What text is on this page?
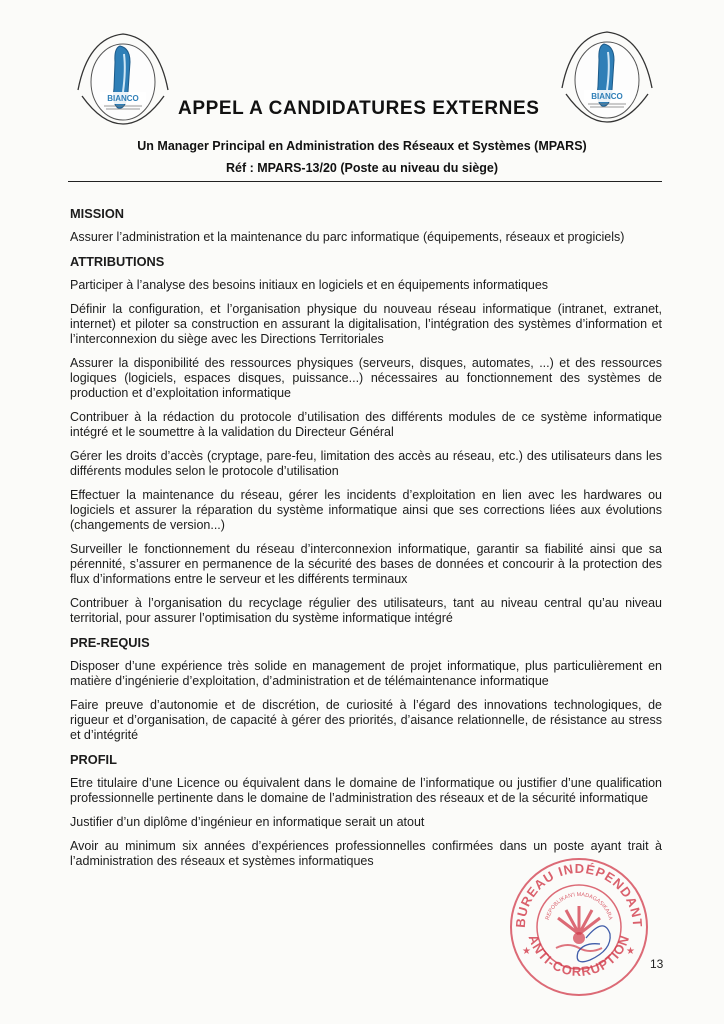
BIANCO	BIANCO
APPEL A CANDIDATURES EXTERNES
Un Manager Principal en Administration des Réseaux et Systèmes (MPARS)
Réf : MPARS-13/20 (Poste au niveau du siège)
MISSION
Assurer l’administration et la maintenance du parc informatique (équipements, réseaux et progiciels)
ATTRIBUTIONS
Participer à l’analyse des besoins initiaux en logiciels et en équipements informatiques
Définir la configuration, et l’organisation physique du nouveau réseau informatique (intranet, extranet, internet) et piloter sa construction en assurant la digitalisation, l’intégration des systèmes d’information et l’interconnexion du siège avec les Directions Territoriales
Assurer la disponibilité des ressources physiques (serveurs, disques, automates, ...) et des ressources logiques (logiciels, espaces disques, puissance...) nécessaires au fonctionnement des systèmes de production et d’exploitation informatique
Contribuer à la rédaction du protocole d’utilisation des différents modules de ce système informatique intégré et le soumettre à la validation du Directeur Général
Gérer les droits d’accès (cryptage, pare-feu, limitation des accès au réseau, etc.) des utilisateurs dans les différents modules selon le protocole d’utilisation
Effectuer la maintenance du réseau, gérer les incidents d’exploitation en lien avec les hardwares ou logiciels et assurer la réparation du système informatique ainsi que ses corrections liées aux évolutions (changements de version...)
Surveiller le fonctionnement du réseau d’interconnexion informatique, garantir sa fiabilité ainsi que sa pérennité, s’assurer en permanence de la sécurité des bases de données et concourir à la protection des flux d’informations entre le serveur et les différents terminaux
Contribuer à l’organisation du recyclage régulier des utilisateurs, tant au niveau central qu’au niveau territorial, pour assurer l’optimisation du système informatique intégré
PRE-REQUIS
Disposer d’une expérience très solide en management de projet informatique, plus particulièrement en matière d’ingénierie d’exploitation, d’administration et de télémaintenance informatique
Faire preuve d’autonomie et de discrétion, de curiosité à l’égard des innovations technologiques, de rigueur et d’organisation, de capacité à gérer des priorités, d’aisance relationnelle, de résistance au stress et d’intégrité
PROFIL
Etre titulaire d’une Licence ou équivalent dans le domaine de l’informatique ou justifier d’une qualification professionnelle pertinente dans le domaine de l’administration des réseaux et de la sécurité informatique
Justifier d’un diplôme d’ingénieur en informatique serait un atout
Avoir au minimum six années d’expériences professionnelles confirmées dans un poste ayant trait à l’administration des réseaux et systèmes informatiques
BUREAU INDÉPENDANT
ANTI-CORRUPTION
REPOBLIKAN'I MADAGASIKARA
★	★
13
